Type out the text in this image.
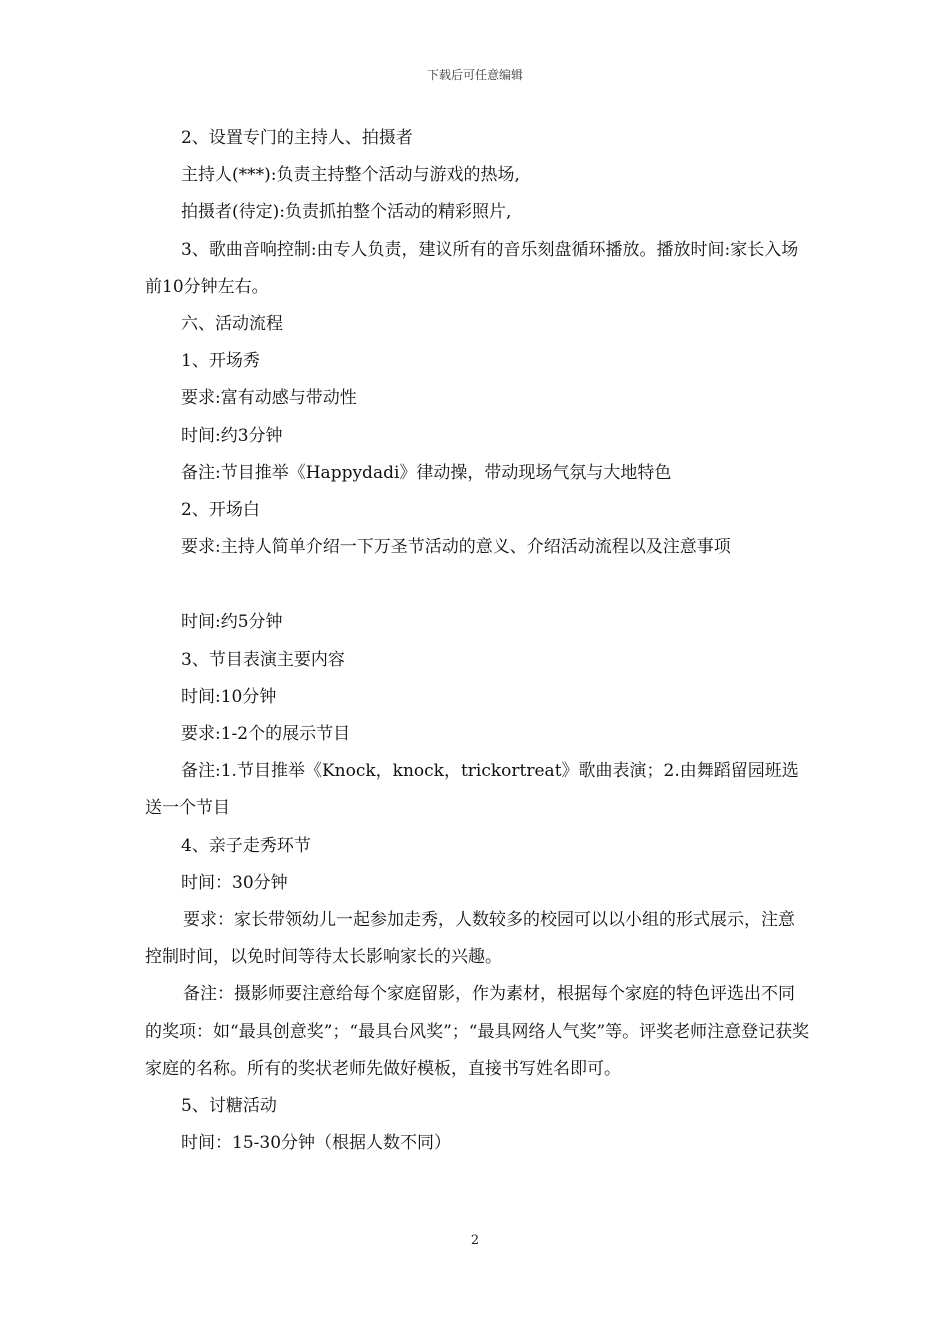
下载后可任意编辑

2、设置专门的主持人、拍摄者

主持人(***):负责主持整个活动与游戏的热场,

拍摄者(待定):负责抓拍整个活动的精彩照片,

3、歌曲音响控制:由专人负责，建议所有的音乐刻盘循环播放。播放时间:家长入场前10分钟左右。

六、活动流程

1、开场秀

要求:富有动感与带动性

时间:约3分钟

备注:节目推举《Happydadi》律动操，带动现场气氛与大地特色

2、开场白

要求:主持人简单介绍一下万圣节活动的意义、介绍活动流程以及注意事项

时间:约5分钟

3、节目表演主要内容

时间:10分钟

要求:1-2个的展示节目

备注:1.节目推举《Knock，knock，trickortreat》歌曲表演；2.由舞蹈留园班选送一个节目

4、亲子走秀环节

时间：30分钟

要求：家长带领幼儿一起参加走秀，人数较多的校园可以以小组的形式展示，注意控制时间，以免时间等待太长影响家长的兴趣。

备注：摄影师要注意给每个家庭留影，作为素材，根据每个家庭的特色评选出不同的奖项：如“最具创意奖”；“最具台风奖”；“最具网络人气奖”等。评奖老师注意登记获奖家庭的名称。所有的奖状老师先做好模板，直接书写姓名即可。

5、讨糖活动

时间：15-30分钟（根据人数不同）

2
